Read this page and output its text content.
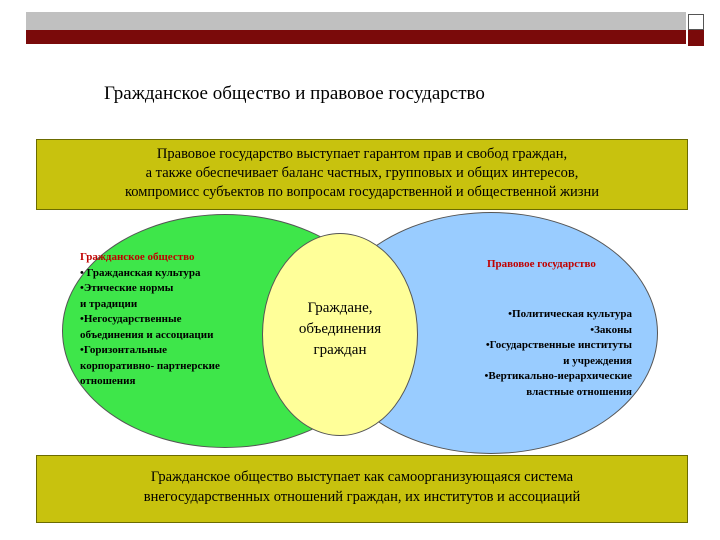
Гражданское общество и правовое государство
Правовое государство выступает гарантом прав и свобод граждан,
а также обеспечивает баланс частных, групповых и общих интересов,
компромисс субъектов по вопросам государственной и общественной жизни
Гражданское общество
• Гражданская культура
•Этические нормы
и традиции
•Негосударственные
объединения и ассоциации
•Горизонтальные
корпоративно- партнерские
отношения
Граждане,
объединения
граждан
Правовое государство
•Политическая культура
•Законы
•Государственные институты
и учреждения
•Вертикально-иерархические
властные отношения
Гражданское общество выступает как самоорганизующаяся система
внегосударственных отношений граждан, их институтов и ассоциаций
